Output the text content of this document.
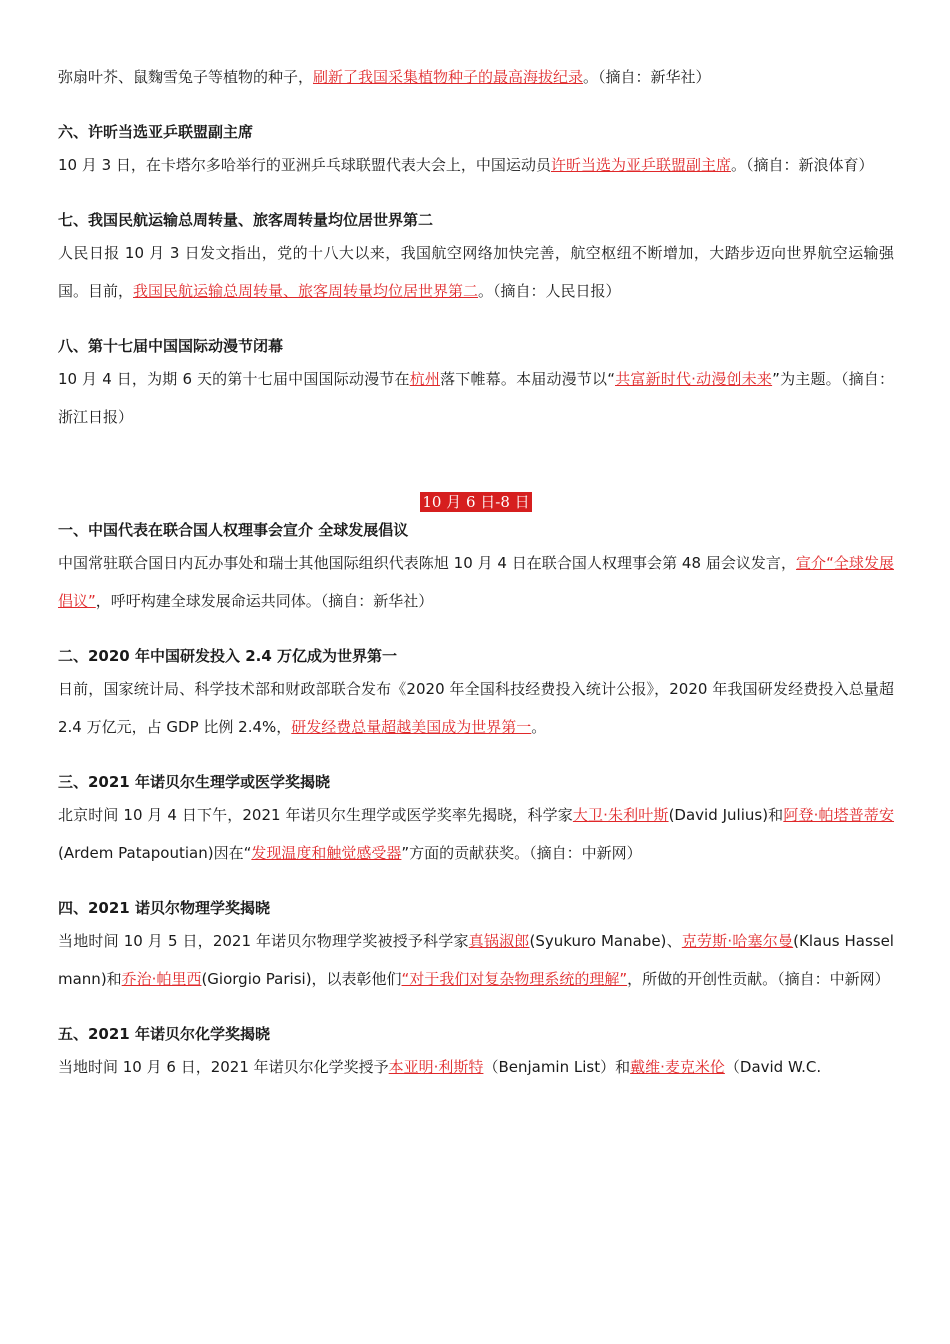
弥扇叶芥、鼠麴雪兔子等植物的种子，刷新了我国采集植物种子的最高海拔纪录。（摘自：新华社）

六、许昕当选亚乒联盟副主席

10 月 3 日，在卡塔尔多哈举行的亚洲乒乓球联盟代表大会上，中国运动员许昕当选为亚乒联盟副主席。（摘自：新浪体育）

七、我国民航运输总周转量、旅客周转量均位居世界第二

人民日报 10 月 3 日发文指出，党的十八大以来，我国航空网络加快完善，航空枢纽不断增加，大踏步迈向世界航空运输强国。目前，我国民航运输总周转量、旅客周转量均位居世界第二。（摘自：人民日报）

八、第十七届中国国际动漫节闭幕

10 月 4 日，为期 6 天的第十七届中国国际动漫节在杭州落下帷幕。本届动漫节以“共富新时代·动漫创未来”为主题。（摘自：浙江日报）

10 月 6 日-8 日

一、中国代表在联合国人权理事会宣介 全球发展倡议

中国常驻联合国日内瓦办事处和瑞士其他国际组织代表陈旭 10 月 4 日在联合国人权理事会第 48 届会议发言，宣介“全球发展倡议”，呼吁构建全球发展命运共同体。（摘自：新华社）

二、2020 年中国研发投入 2.4 万亿成为世界第一

日前，国家统计局、科学技术部和财政部联合发布《2020 年全国科技经费投入统计公报》，2020 年我国研发经费投入总量超 2.4 万亿元，占 GDP 比例 2.4%，研发经费总量超越美国成为世界第一。

三、2021 年诺贝尔生理学或医学奖揭晓

北京时间 10 月 4 日下午，2021 年诺贝尔生理学或医学奖率先揭晓，科学家大卫·朱利叶斯(David Julius)和阿登·帕塔普蒂安(Ardem Patapoutian)因在“发现温度和触觉感受器”方面的贡献获奖。（摘自：中新网）

四、2021 诺贝尔物理学奖揭晓

当地时间 10 月 5 日，2021 年诺贝尔物理学奖被授予科学家真锅淑郎(Syukuro Manabe)、克劳斯·哈塞尔曼(Klaus Hasselmann)和乔治·帕里西(Giorgio Parisi)，以表彰他们“对于我们对复杂物理系统的理解”，所做的开创性贡献。（摘自：中新网）

五、2021 年诺贝尔化学奖揭晓

当地时间 10 月 6 日，2021 年诺贝尔化学奖授予本亚明·利斯特（Benjamin List）和戴维·麦克米伦（David W.C.
